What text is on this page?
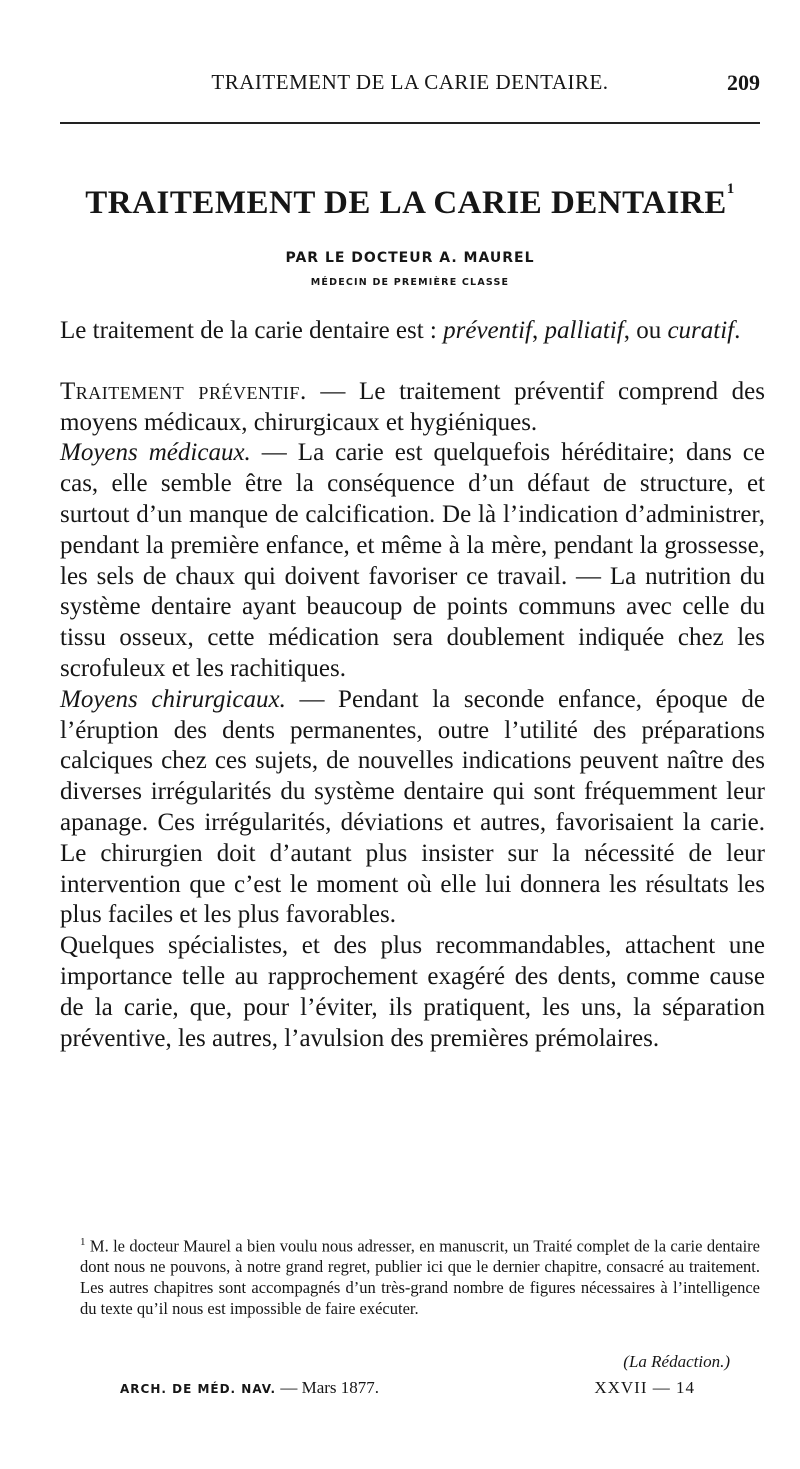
TRAITEMENT DE LA CARIE DENTAIRE.	209
TRAITEMENT DE LA CARIE DENTAIRE$^1$
PAR LE DOCTEUR A. MAUREL
MÉDECIN DE PREMIÈRE CLASSE

Le traitement de la carie dentaire est : préventif, palliatif, ou curatif.

Traitement préventif. — Le traitement préventif comprend des moyens médicaux, chirurgicaux et hygiéniques.

Moyens médicaux. — La carie est quelquefois héréditaire; dans ce cas, elle semble être la conséquence d’un défaut de structure, et surtout d’un manque de calcification. De là l’indication d’administrer, pendant la première enfance, et même à la mère, pendant la grossesse, les sels de chaux qui doivent favoriser ce travail. — La nutrition du système dentaire ayant beaucoup de points communs avec celle du tissu osseux, cette médication sera doublement indiquée chez les scrofuleux et les rachitiques.

Moyens chirurgicaux. — Pendant la seconde enfance, époque de l’éruption des dents permanentes, outre l’utilité des préparations calciques chez ces sujets, de nouvelles indications peuvent naître des diverses irrégularités du système dentaire qui sont fréquemment leur apanage. Ces irrégularités, déviations et autres, favorisaient la carie. Le chirurgien doit d’autant plus insister sur la nécessité de leur intervention que c’est le moment où elle lui donnera les résultats les plus faciles et les plus favorables.

Quelques spécialistes, et des plus recommandables, attachent une importance telle au rapprochement exagéré des dents, comme cause de la carie, que, pour l’éviter, ils pratiquent, les uns, la séparation préventive, les autres, l’avulsion des premières prémolaires.

$^1$ M. le docteur Maurel a bien voulu nous adresser, en manuscrit, un Traité complet de la carie dentaire dont nous ne pouvons, à notre grand regret, publier ici que le dernier chapitre, consacré au traitement. Les autres chapitres sont accompagnés d’un très-grand nombre de figures nécessaires à l’intelligence du texte qu’il nous est impossible de faire exécuter.
(La Rédaction.)
ARCH. DE MÉD. NAV. — Mars 1877.	XXVII — 14
